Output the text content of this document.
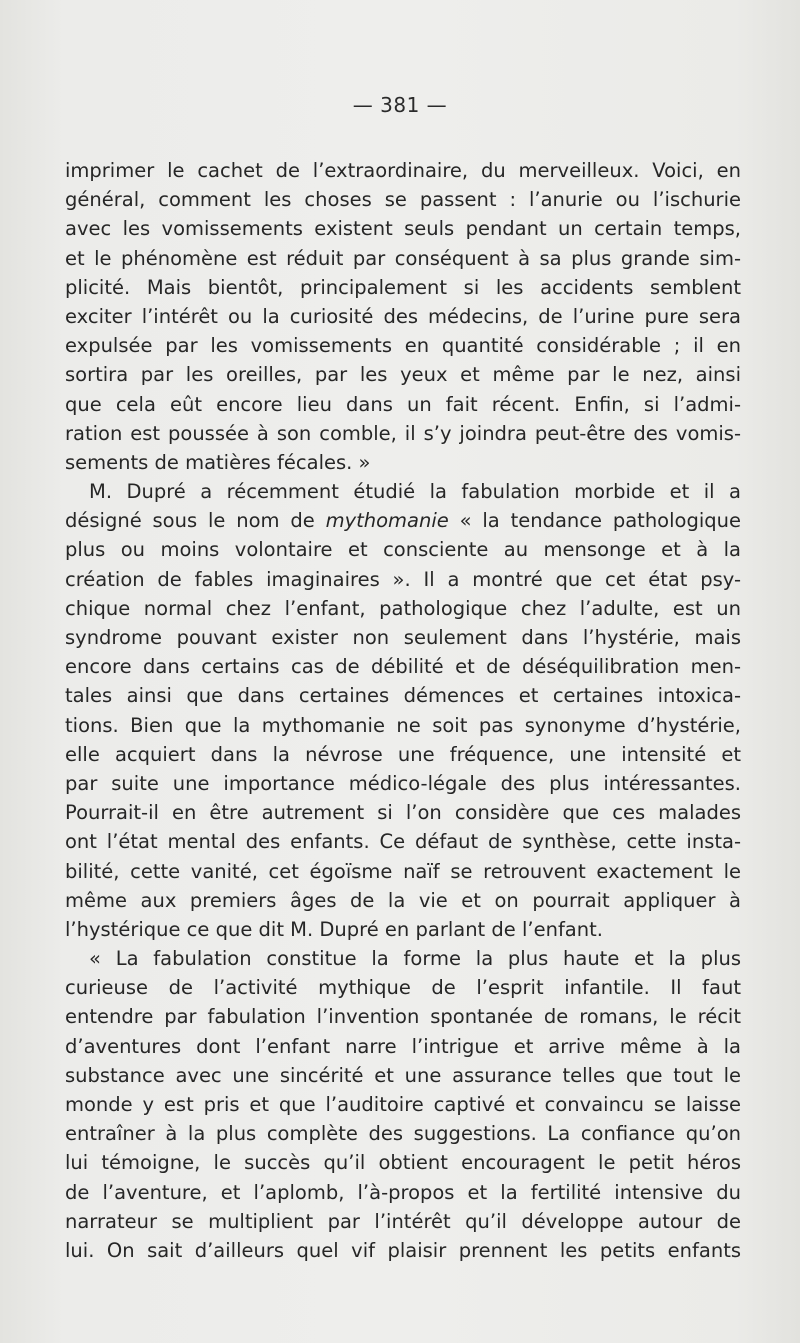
— 381 —
imprimer le cachet de l’extraordinaire, du merveilleux. Voici, en
général, comment les choses se passent : l’anurie ou l’ischurie
avec les vomissements existent seuls pendant un certain temps,
et le phénomène est réduit par conséquent à sa plus grande sim-
plicité. Mais bientôt, principalement si les accidents semblent
exciter l’intérêt ou la curiosité des médecins, de l’urine pure sera
expulsée par les vomissements en quantité considérable ; il en
sortira par les oreilles, par les yeux et même par le nez, ainsi
que cela eût encore lieu dans un fait récent. Enfin, si l’admi-
ration est poussée à son comble, il s’y joindra peut-être des vomis-
sements de matières fécales. »
M. Dupré a récemment étudié la fabulation morbide et il a
désigné sous le nom de mythomanie « la tendance pathologique
plus ou moins volontaire et consciente au mensonge et à la
création de fables imaginaires ». Il a montré que cet état psy-
chique normal chez l’enfant, pathologique chez l’adulte, est un
syndrome pouvant exister non seulement dans l’hystérie, mais
encore dans certains cas de débilité et de déséquilibration men-
tales ainsi que dans certaines démences et certaines intoxica-
tions. Bien que la mythomanie ne soit pas synonyme d’hystérie,
elle acquiert dans la névrose une fréquence, une intensité et
par suite une importance médico-légale des plus intéressantes.
Pourrait-il en être autrement si l’on considère que ces malades
ont l’état mental des enfants. Ce défaut de synthèse, cette insta-
bilité, cette vanité, cet égoïsme naïf se retrouvent exactement le
même aux premiers âges de la vie et on pourrait appliquer à
l’hystérique ce que dit M. Dupré en parlant de l’enfant.
« La fabulation constitue la forme la plus haute et la plus
curieuse de l’activité mythique de l’esprit infantile. Il faut
entendre par fabulation l’invention spontanée de romans, le récit
d’aventures dont l’enfant narre l’intrigue et arrive même à la
substance avec une sincérité et une assurance telles que tout le
monde y est pris et que l’auditoire captivé et convaincu se laisse
entraîner à la plus complète des suggestions. La confiance qu’on
lui témoigne, le succès qu’il obtient encouragent le petit héros
de l’aventure, et l’aplomb, l’à-propos et la fertilité intensive du
narrateur se multiplient par l’intérêt qu’il développe autour de
lui. On sait d’ailleurs quel vif plaisir prennent les petits enfants
